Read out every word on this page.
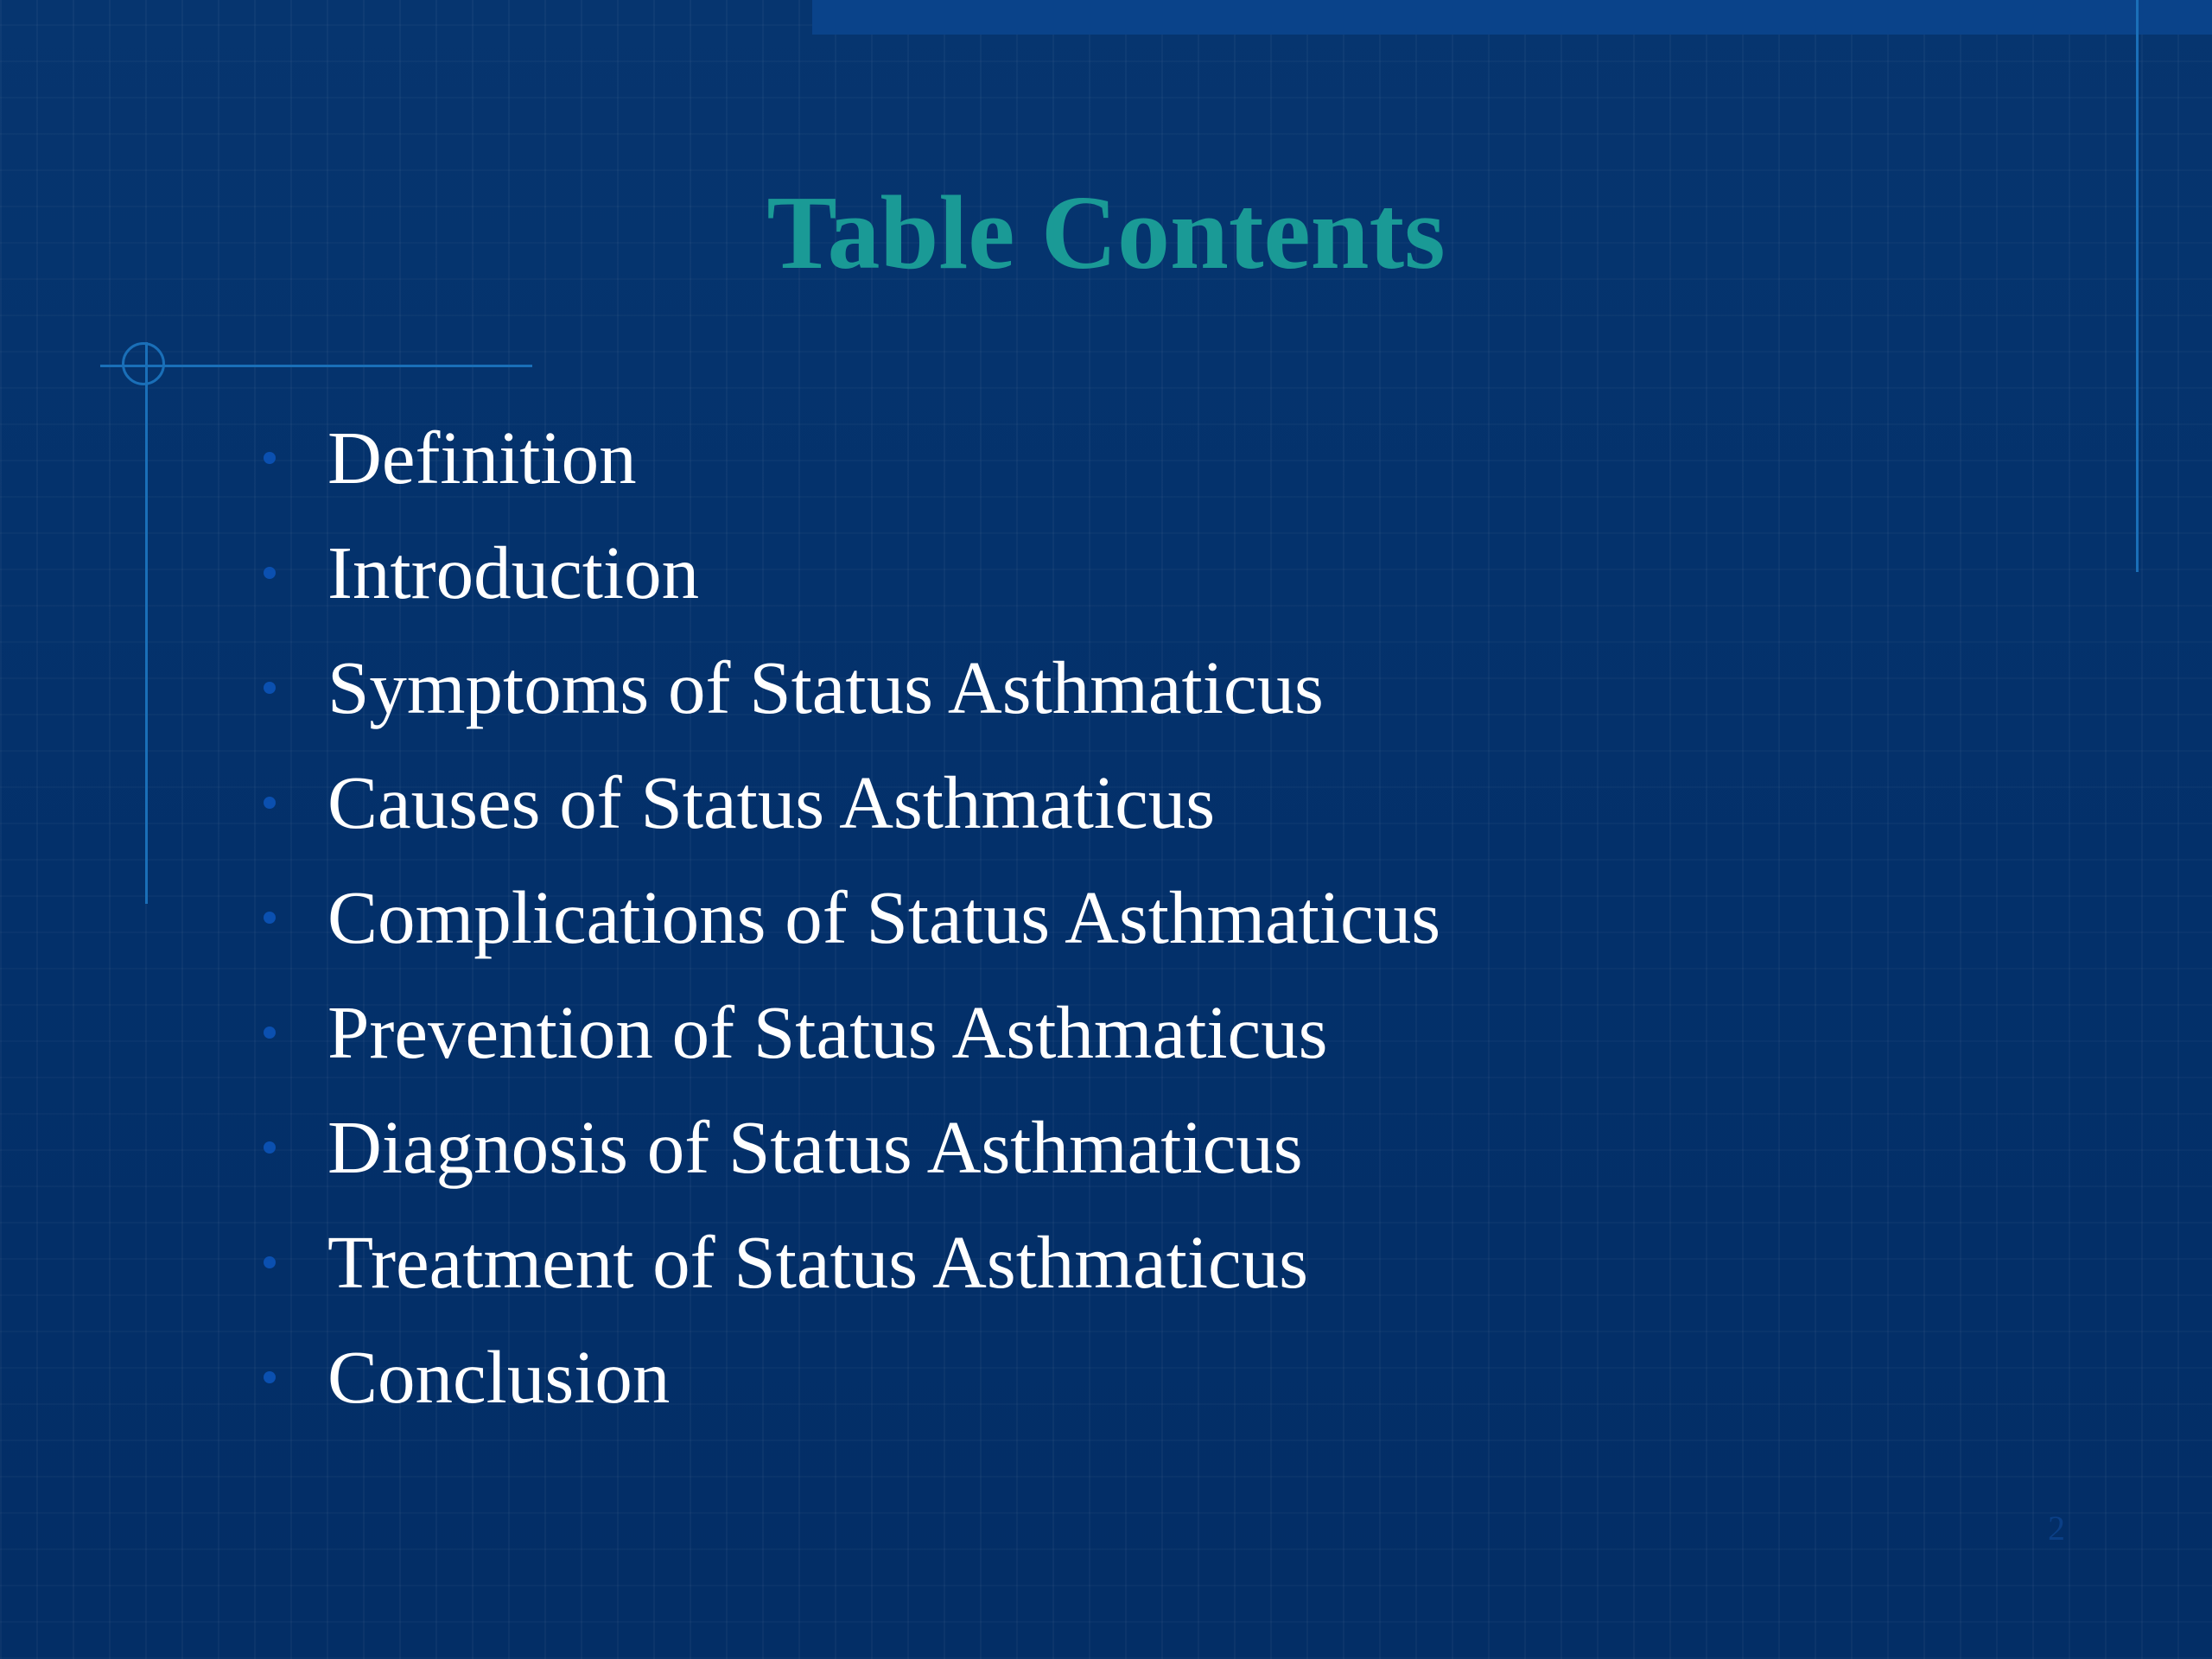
Table Contents
Definition
Introduction
Symptoms of Status Asthmaticus
Causes of Status Asthmaticus
Complications of Status Asthmaticus
Prevention of Status Asthmaticus
Diagnosis of Status Asthmaticus
Treatment of Status Asthmaticus
Conclusion
2
